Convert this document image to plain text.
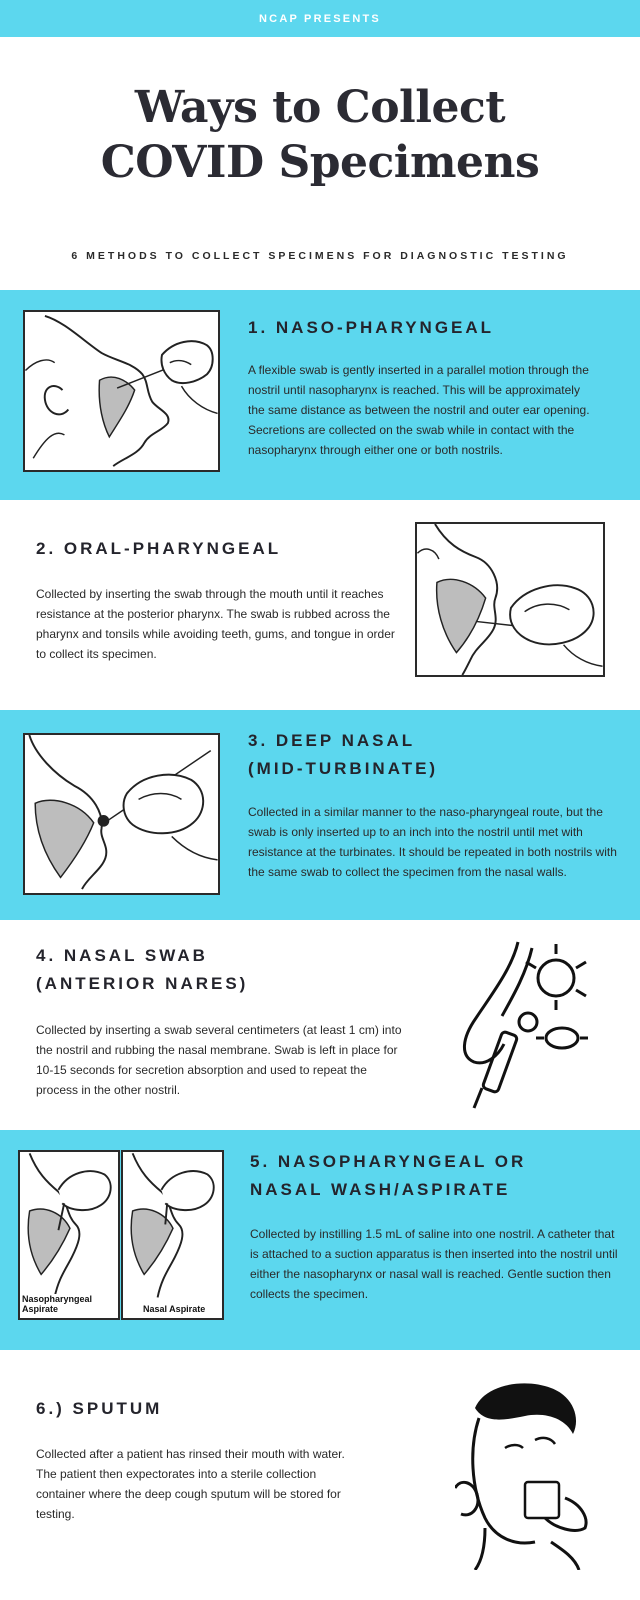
NCAP PRESENTS
Ways to Collect
COVID Specimens
6 METHODS TO COLLECT SPECIMENS FOR DIAGNOSTIC TESTING
1. NASO-PHARYNGEAL
A flexible swab is gently inserted in a parallel motion through the nostril until nasopharynx is reached. This will be approximately the same distance as between the nostril and outer ear opening. Secretions are collected on the swab while in contact with the nasopharynx through either one or both nostrils.
2. ORAL-PHARYNGEAL
Collected by inserting the swab through the mouth until it reaches resistance at the posterior pharynx. The swab is rubbed across the pharynx and tonsils while avoiding teeth, gums, and tongue in order to collect its specimen.
3. DEEP NASAL
(MID-TURBINATE)
Collected in a similar manner to the naso-pharyngeal route, but the swab is only inserted up to an inch into the nostril until met with resistance at the turbinates. It should be repeated in both nostrils with the same swab to collect the specimen from the nasal walls.
4. NASAL SWAB
(ANTERIOR NARES)
Collected by inserting a swab several centimeters (at least 1 cm) into the nostril and rubbing the nasal membrane. Swab is left in place for 10-15 seconds for secretion absorption and used to repeat the process in the other nostril.
Nasopharyngeal Aspirate	Nasal Aspirate
5. NASOPHARYNGEAL OR
NASAL WASH/ASPIRATE
Collected by instilling 1.5 mL of saline into one nostril. A catheter that is attached to a suction apparatus is then inserted into the nostril until either the nasopharynx or nasal wall is reached. Gentle suction then collects the specimen.
6.) SPUTUM
Collected after a patient has rinsed their mouth with water. The patient then expectorates into a sterile collection container where the deep cough sputum will be stored for testing.
